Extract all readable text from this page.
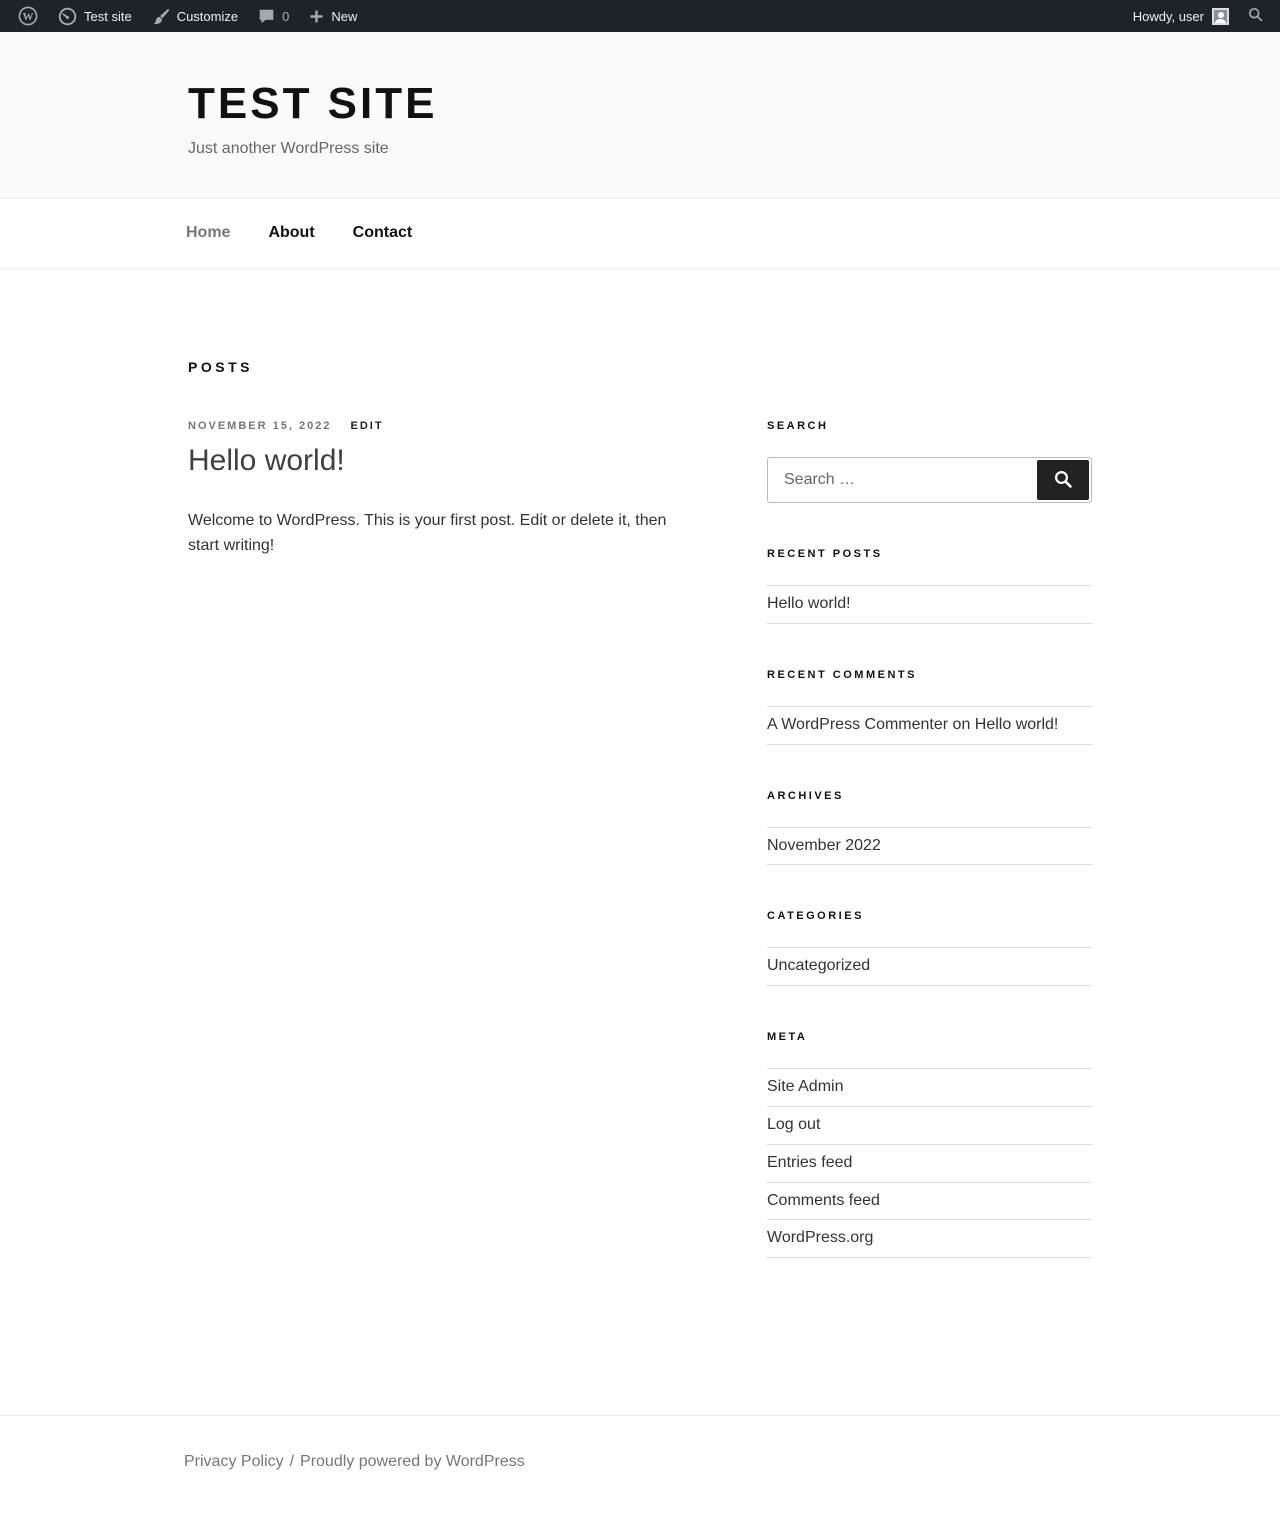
W	Test site	Customize	0	New	Howdy, user
TEST SITE

Just another WordPress site

Home About Contact
POSTS
NOVEMBER 15, 2022 EDIT
Hello world!

Welcome to WordPress. This is your first post. Edit or delete it, then start writing!

SEARCH
Search …
RECENT POSTS
Hello world!
RECENT COMMENTS
A WordPress Commenter on Hello world!
ARCHIVES
November 2022
CATEGORIES
Uncategorized
META
Site Admin
Log out
Entries feed
Comments feed
WordPress.org
Privacy Policy / Proudly powered by WordPress
